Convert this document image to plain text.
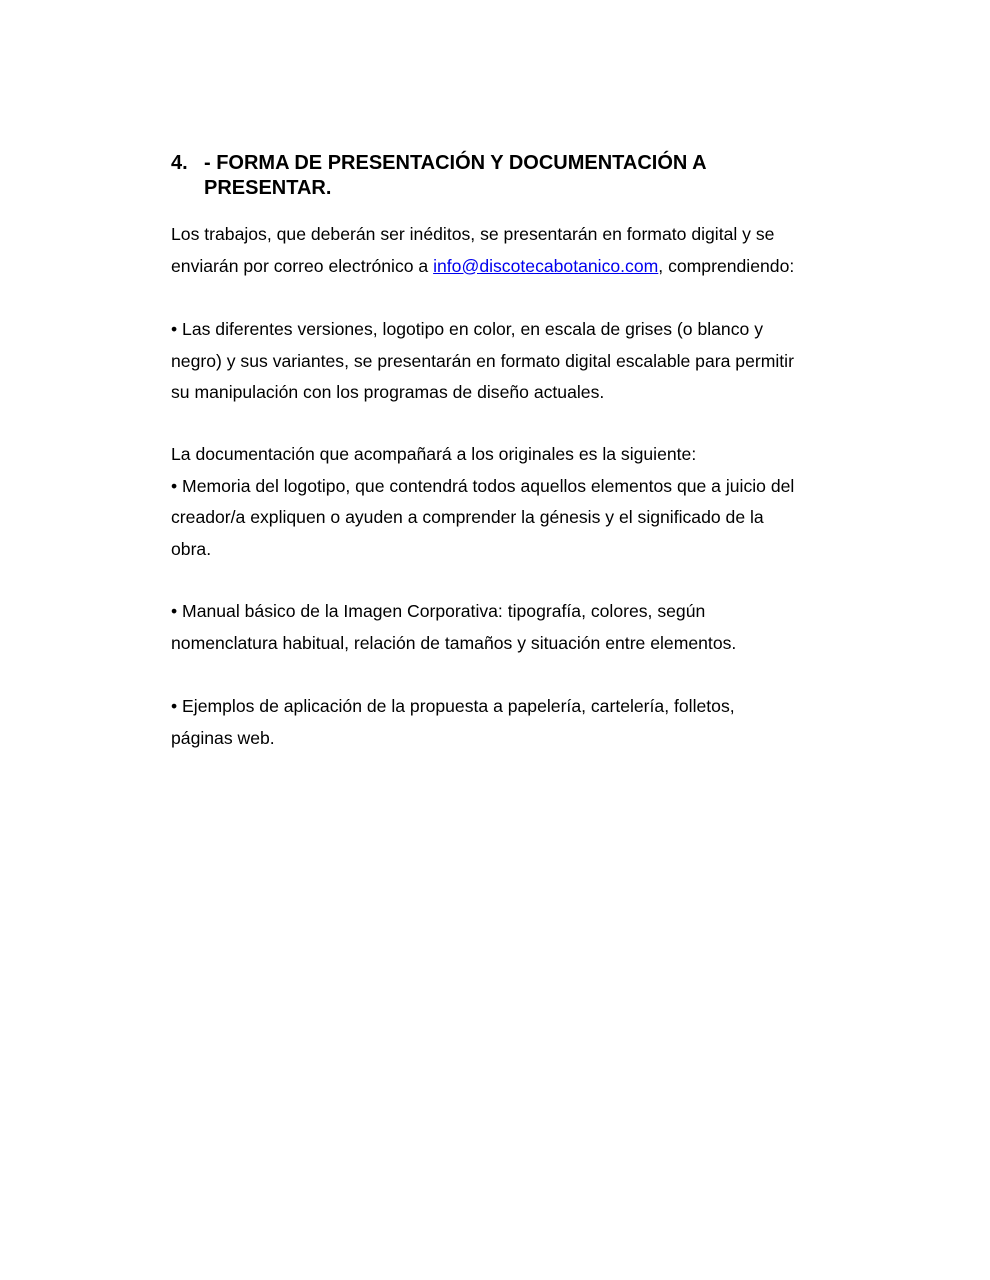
4. - FORMA DE PRESENTACIÓN Y DOCUMENTACIÓN A
PRESENTAR.

Los trabajos, que deberán ser inéditos, se presentarán en formato digital y se
enviarán por correo electrónico a info@discotecabotanico.com, comprendiendo:

• Las diferentes versiones, logotipo en color, en escala de grises (o blanco y
negro) y sus variantes, se presentarán en formato digital escalable para permitir
su manipulación con los programas de diseño actuales.

La documentación que acompañará a los originales es la siguiente:
• Memoria del logotipo, que contendrá todos aquellos elementos que a juicio del
creador/a expliquen o ayuden a comprender la génesis y el significado de la
obra.

• Manual básico de la Imagen Corporativa: tipografía, colores, según
nomenclatura habitual, relación de tamaños y situación entre elementos.

• Ejemplos de aplicación de la propuesta a papelería, cartelería, folletos,
páginas web.
